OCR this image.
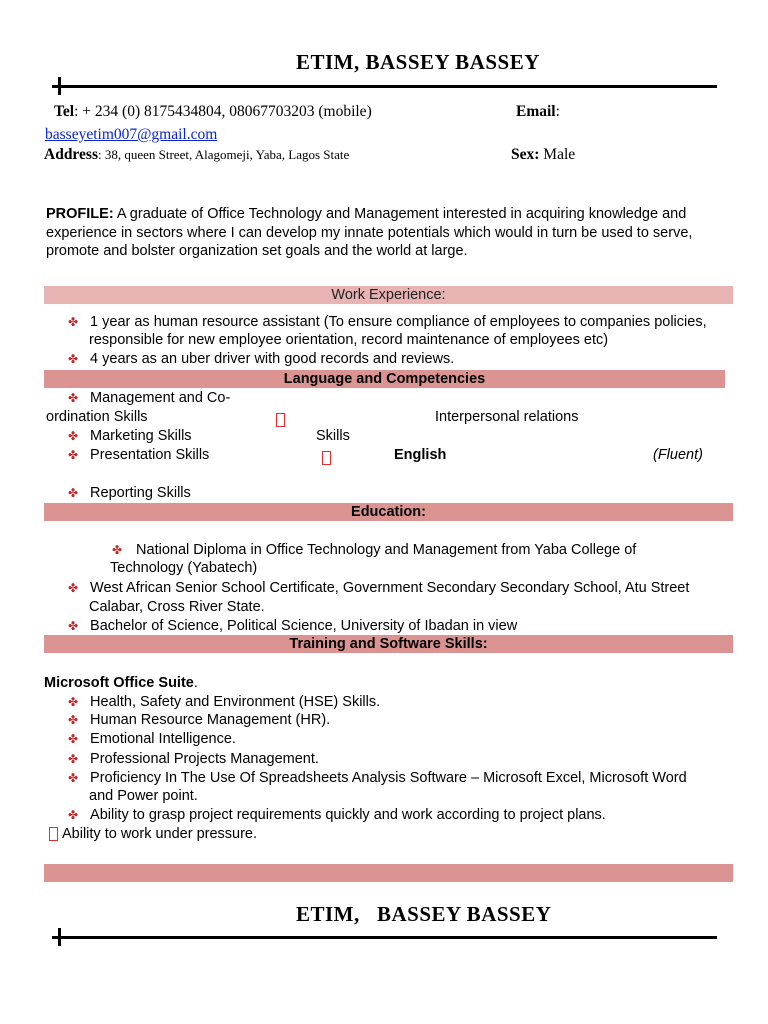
ETIM, BASSEY BASSEY
Tel: + 234 (0) 8175434804, 08067703203 (mobile)	Email:
basseyetim007@gmail.com
Address: 38, queen Street, Alagomeji, Yaba, Lagos State	Sex: Male
PROFILE: A graduate of Office Technology and Management interested in acquiring knowledge and
experience in sectors where I can develop my innate potentials which would in turn be used to serve,
promote and bolster organization set goals and the world at large.
Work Experience:
✤ 1 year as human resource assistant (To ensure compliance of employees to companies policies,
responsible for new employee orientation, record maintenance of employees etc)
✤ 4 years as an uber driver with good records and reviews.
Language and Competencies
✤ Management and Co-
ordination Skills	Interpersonal relations
✤ Marketing Skills	Skills
✤ Presentation Skills	English	(Fluent)
✤ Reporting Skills
Education:
✤ National Diploma in Office Technology and Management from Yaba College of
Technology (Yabatech)
✤ West African Senior School Certificate, Government Secondary Secondary School, Atu Street
Calabar, Cross River State.
✤ Bachelor of Science, Political Science, University of Ibadan in view
Training and Software Skills:
Microsoft Office Suite.
✤ Health, Safety and Environment (HSE) Skills.
✤ Human Resource Management (HR).
✤ Emotional Intelligence.
✤ Professional Projects Management.
✤ Proficiency In The Use Of Spreadsheets Analysis Software – Microsoft Excel, Microsoft Word
and Power point.
✤ Ability to grasp project requirements quickly and work according to project plans.
Ability to work under pressure.
ETIM,   BASSEY BASSEY
